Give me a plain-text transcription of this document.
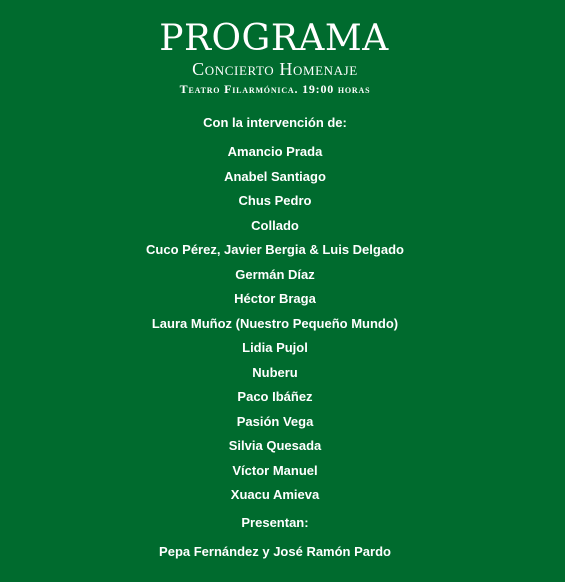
PROGRAMA
Concierto Homenaje
Teatro Filarmónica. 19:00 horas
Con la intervención de:
Amancio Prada
Anabel Santiago
Chus Pedro
Collado
Cuco Pérez, Javier Bergia & Luis Delgado
Germán Díaz
Héctor Braga
Laura Muñoz (Nuestro Pequeño Mundo)
Lidia Pujol
Nuberu
Paco Ibáñez
Pasión Vega
Silvia Quesada
Víctor Manuel
Xuacu Amieva
Presentan:
Pepa Fernández y José Ramón Pardo
